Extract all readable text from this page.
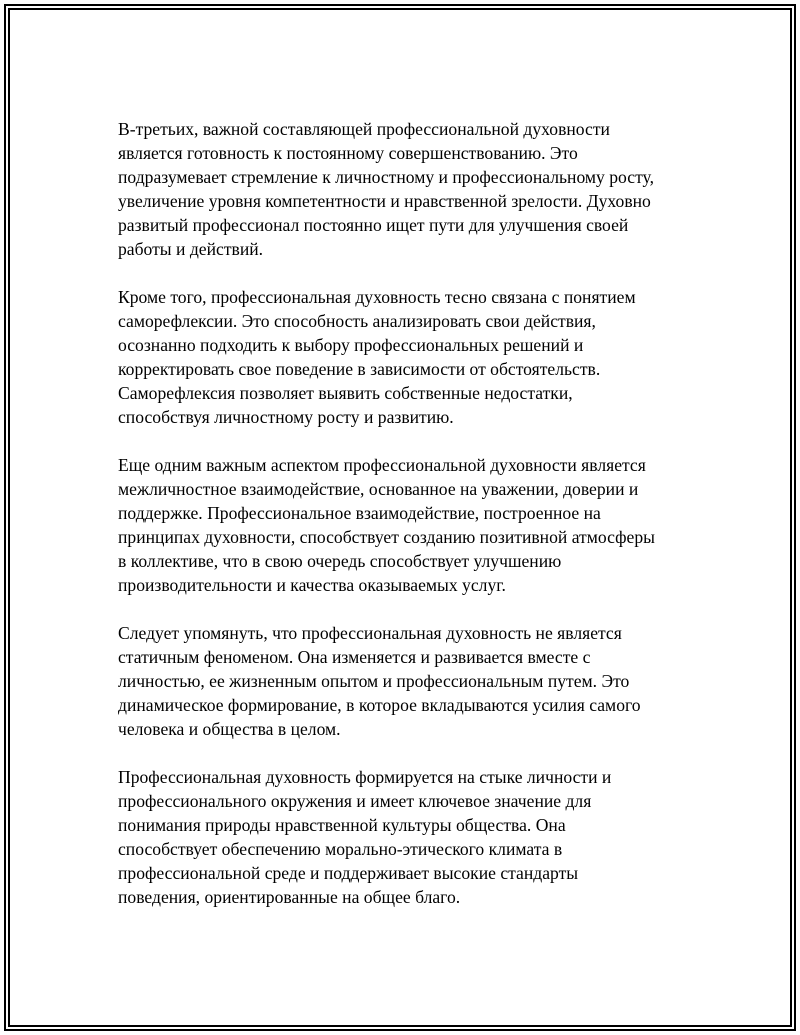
В-третьих, важной составляющей профессиональной духовности
является готовность к постоянному совершенствованию. Это
подразумевает стремление к личностному и профессиональному росту,
увеличение уровня компетентности и нравственной зрелости. Духовно
развитый профессионал постоянно ищет пути для улучшения своей
работы и действий.

Кроме того, профессиональная духовность тесно связана с понятием
саморефлексии. Это способность анализировать свои действия,
осознанно подходить к выбору профессиональных решений и
корректировать свое поведение в зависимости от обстоятельств.
Саморефлексия позволяет выявить собственные недостатки,
способствуя личностному росту и развитию.

Еще одним важным аспектом профессиональной духовности является
межличностное взаимодействие, основанное на уважении, доверии и
поддержке. Профессиональное взаимодействие, построенное на
принципах духовности, способствует созданию позитивной атмосферы
в коллективе, что в свою очередь способствует улучшению
производительности и качества оказываемых услуг.

Следует упомянуть, что профессиональная духовность не является
статичным феноменом. Она изменяется и развивается вместе с
личностью, ее жизненным опытом и профессиональным путем. Это
динамическое формирование, в которое вкладываются усилия самого
человека и общества в целом.

Профессиональная духовность формируется на стыке личности и
профессионального окружения и имеет ключевое значение для
понимания природы нравственной культуры общества. Она
способствует обеспечению морально-этического климата в
профессиональной среде и поддерживает высокие стандарты
поведения, ориентированные на общее благо.
